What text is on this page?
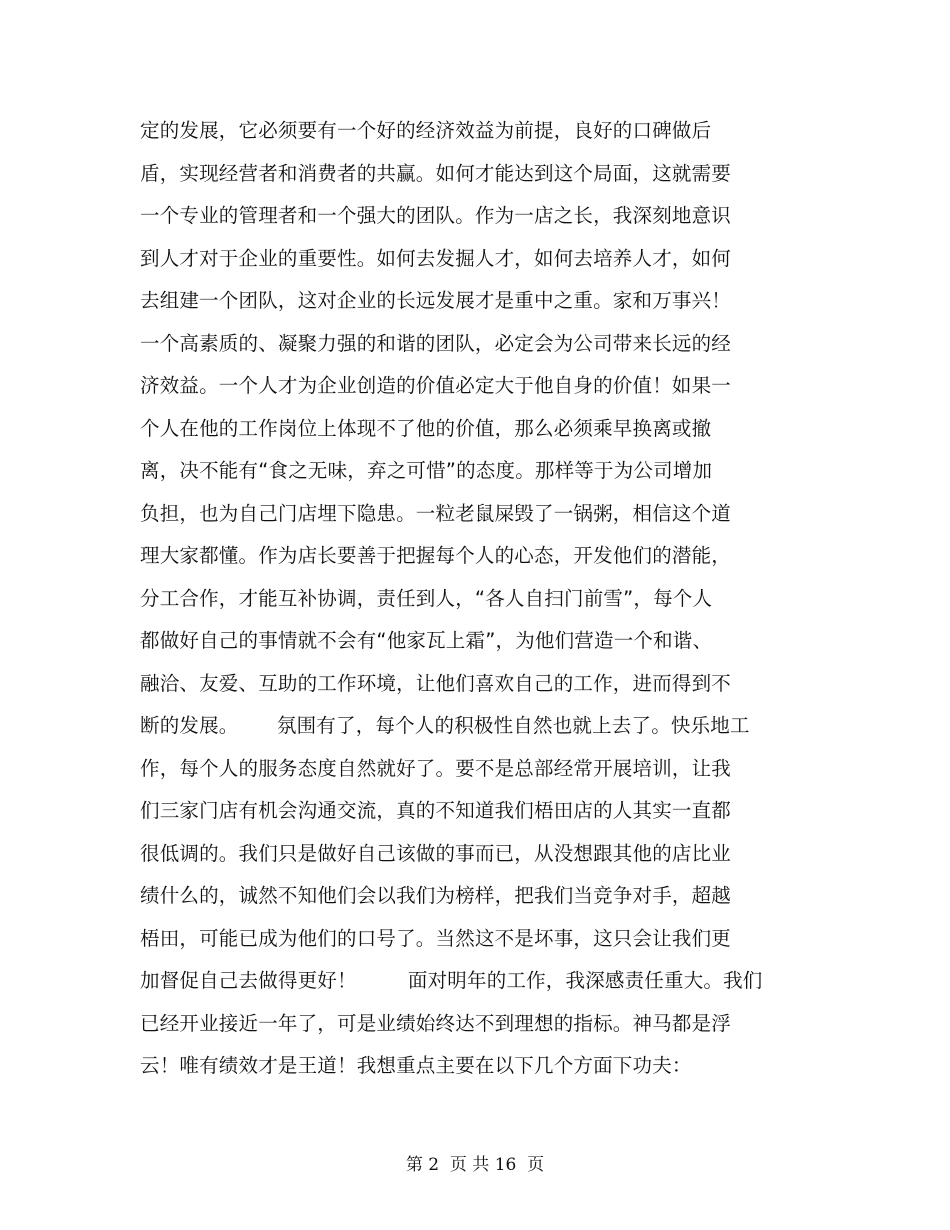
定的发展，它必须要有一个好的经济效益为前提，良好的口碑做后
盾，实现经营者和消费者的共赢。如何才能达到这个局面，这就需要
一个专业的管理者和一个强大的团队。作为一店之长，我深刻地意识
到人才对于企业的重要性。如何去发掘人才，如何去培养人才，如何
去组建一个团队，这对企业的长远发展才是重中之重。家和万事兴！
一个高素质的、凝聚力强的和谐的团队，必定会为公司带来长远的经
济效益。一个人才为企业创造的价值必定大于他自身的价值！如果一
个人在他的工作岗位上体现不了他的价值，那么必须乘早换离或撤
离，决不能有“食之无味，弃之可惜”的态度。那样等于为公司增加
负担，也为自己门店埋下隐患。一粒老鼠屎毁了一锅粥，相信这个道
理大家都懂。作为店长要善于把握每个人的心态，开发他们的潜能，
分工合作，才能互补协调，责任到人，“各人自扫门前雪”，每个人
都做好自己的事情就不会有“他家瓦上霜”，为他们营造一个和谐、
融洽、友爱、互助的工作环境，让他们喜欢自己的工作，进而得到不
断的发展。      氛围有了，每个人的积极性自然也就上去了。快乐地工
作，每个人的服务态度自然就好了。要不是总部经常开展培训，让我
们三家门店有机会沟通交流，真的不知道我们梧田店的人其实一直都
很低调的。我们只是做好自己该做的事而已，从没想跟其他的店比业
绩什么的，诚然不知他们会以我们为榜样，把我们当竞争对手，超越
梧田，可能已成为他们的口号了。当然这不是坏事，这只会让我们更
加督促自己去做得更好！        面对明年的工作，我深感责任重大。我们
已经开业接近一年了，可是业绩始终达不到理想的指标。神马都是浮
云！唯有绩效才是王道！我想重点主要在以下几个方面下功夫：
第 2  页 共 16  页
